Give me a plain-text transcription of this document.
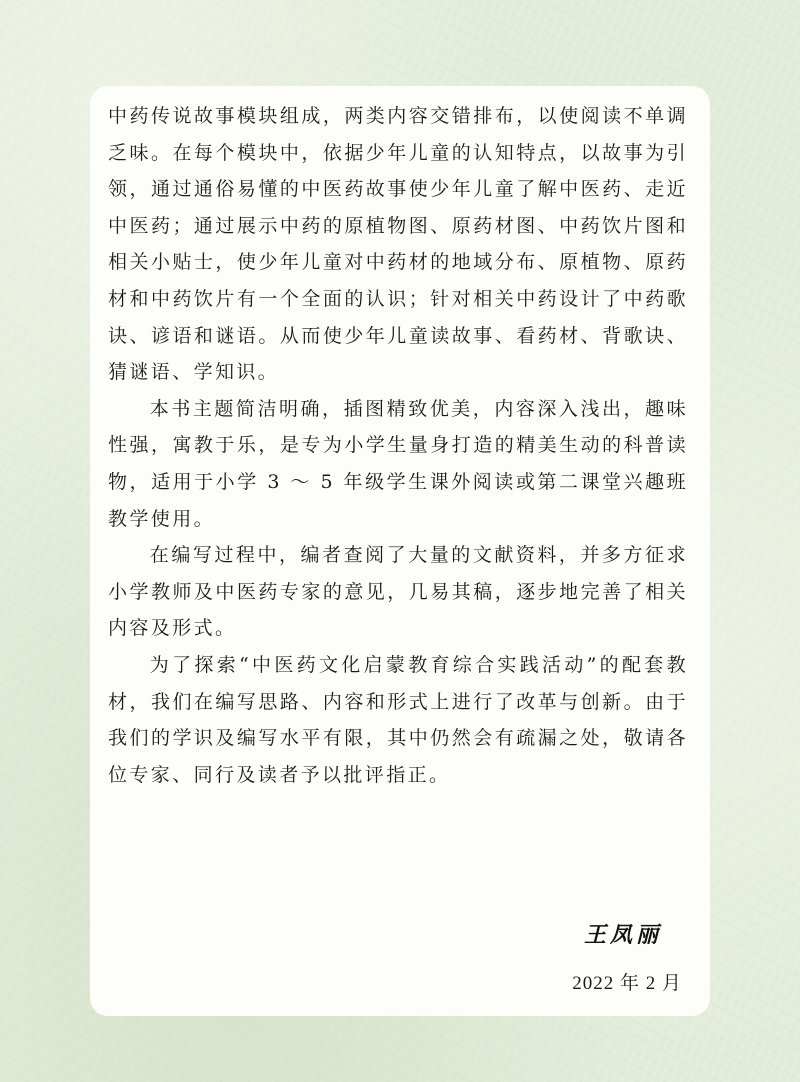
中药传说故事模块组成，两类内容交错排布，以使阅读不单调乏味。在每个模块中，依据少年儿童的认知特点，以故事为引领，通过通俗易懂的中医药故事使少年儿童了解中医药、走近中医药；通过展示中药的原植物图、原药材图、中药饮片图和相关小贴士，使少年儿童对中药材的地域分布、原植物、原药材和中药饮片有一个全面的认识；针对相关中药设计了中药歌诀、谚语和谜语。从而使少年儿童读故事、看药材、背歌诀、猜谜语、学知识。

本书主题简洁明确，插图精致优美，内容深入浅出，趣味性强，寓教于乐，是专为小学生量身打造的精美生动的科普读物，适用于小学 3 ～ 5 年级学生课外阅读或第二课堂兴趣班教学使用。

在编写过程中，编者查阅了大量的文献资料，并多方征求小学教师及中医药专家的意见，几易其稿，逐步地完善了相关内容及形式。

为了探索“中医药文化启蒙教育综合实践活动”的配套教材，我们在编写思路、内容和形式上进行了改革与创新。由于我们的学识及编写水平有限，其中仍然会有疏漏之处，敬请各位专家、同行及读者予以批评指正。

王凤丽
2022 年 2 月
